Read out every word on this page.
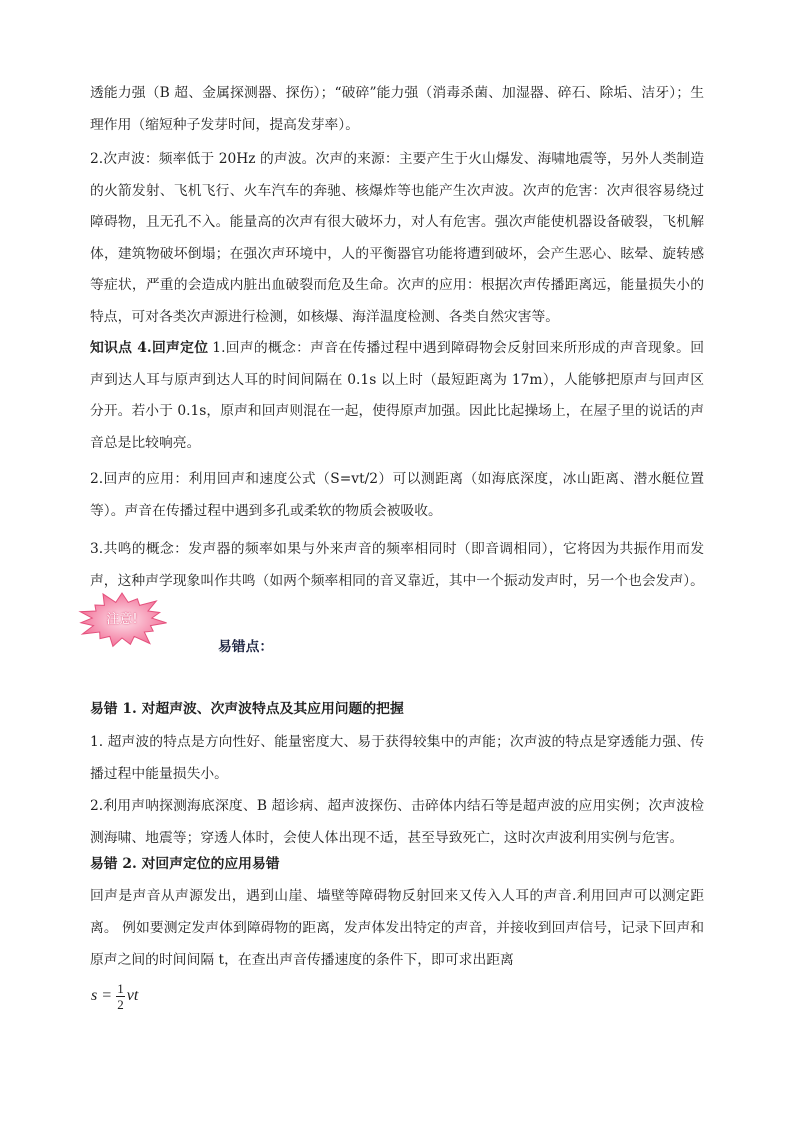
透能力强（B 超、金属探测器、探伤）；“破碎”能力强（消毒杀菌、加湿器、碎石、除垢、洁牙）；生理作用（缩短种子发芽时间，提高发芽率）。

2.次声波：频率低于 20Hz 的声波。次声的来源：主要产生于火山爆发、海啸地震等，另外人类制造的火箭发射、飞机飞行、火车汽车的奔驰、核爆炸等也能产生次声波。次声的危害：次声很容易绕过障碍物，且无孔不入。能量高的次声有很大破坏力，对人有危害。强次声能使机器设备破裂，飞机解体，建筑物破坏倒塌；在强次声环境中，人的平衡器官功能将遭到破坏，会产生恶心、眩晕、旋转感等症状，严重的会造成内脏出血破裂而危及生命。次声的应用：根据次声传播距离远，能量损失小的特点，可对各类次声源进行检测，如核爆、海洋温度检测、各类自然灾害等。

知识点 4.回声定位 1.回声的概念：声音在传播过程中遇到障碍物会反射回来所形成的声音现象。回声到达人耳与原声到达人耳的时间间隔在 0.1s 以上时（最短距离为 17m），人能够把原声与回声区分开。若小于 0.1s，原声和回声则混在一起，使得原声加强。因此比起操场上，在屋子里的说话的声音总是比较响亮。

2.回声的应用：利用回声和速度公式（S=vt/2）可以测距离（如海底深度，冰山距离、潜水艇位置等）。声音在传播过程中遇到多孔或柔软的物质会被吸收。

3.共鸣的概念：发声器的频率如果与外来声音的频率相同时（即音调相同），它将因为共振作用而发声，这种声学现象叫作共鸣（如两个频率相同的音叉靠近，其中一个振动发声时，另一个也会发声）。

注意!
易错点：
易错 1. 对超声波、次声波特点及其应用问题的把握

1. 超声波的特点是方向性好、能量密度大、易于获得较集中的声能；次声波的特点是穿透能力强、传播过程中能量损失小。

2.利用声呐探测海底深度、B 超诊病、超声波探伤、击碎体内结石等是超声波的应用实例；次声波检测海啸、地震等；穿透人体时，会使人体出现不适，甚至导致死亡，这时次声波利用实例与危害。

易错 2. 对回声定位的应用易错

回声是声音从声源发出，遇到山崖、墙壁等障碍物反射回来又传入人耳的声音.利用回声可以测定距离。 例如要测定发声体到障碍物的距离，发声体发出特定的声音，并接收到回声信号，记录下回声和原声之间的时间间隔 t，在查出声音传播速度的条件下，即可求出距离

$s = \frac{1}{2}$ vt
